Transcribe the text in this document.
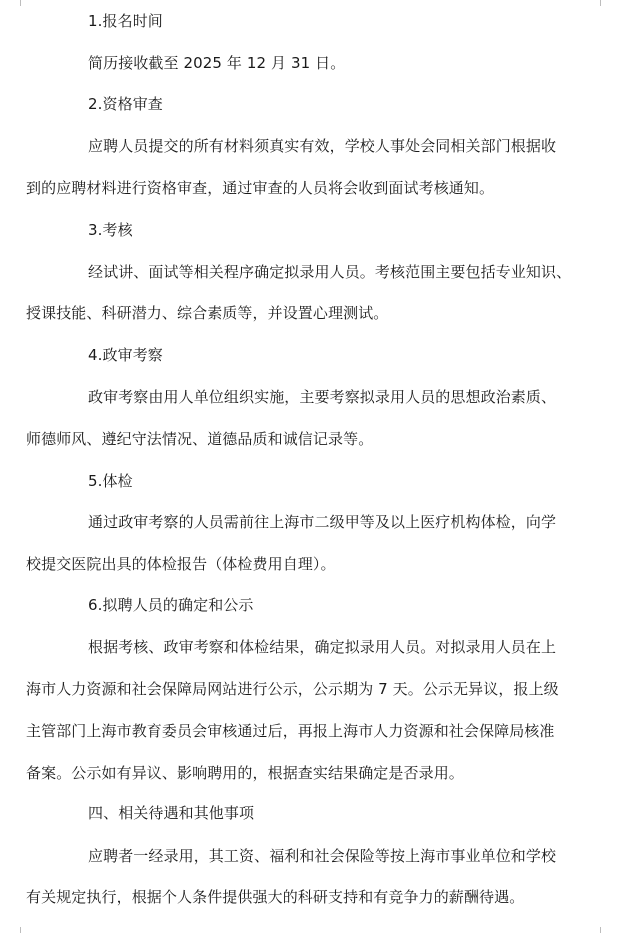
1.报名时间
简历接收截至 2025 年 12 月 31 日。
2.资格审查
应聘人员提交的所有材料须真实有效，学校人事处会同相关部门根据收
到的应聘材料进行资格审查，通过审查的人员将会收到面试考核通知。
3.考核
经试讲、面试等相关程序确定拟录用人员。考核范围主要包括专业知识、
授课技能、科研潜力、综合素质等，并设置心理测试。
4.政审考察
政审考察由用人单位组织实施，主要考察拟录用人员的思想政治素质、
师德师风、遵纪守法情况、道德品质和诚信记录等。
5.体检
通过政审考察的人员需前往上海市二级甲等及以上医疗机构体检，向学
校提交医院出具的体检报告（体检费用自理）。
6.拟聘人员的确定和公示
根据考核、政审考察和体检结果，确定拟录用人员。对拟录用人员在上
海市人力资源和社会保障局网站进行公示，公示期为 7 天。公示无异议，报上级
主管部门上海市教育委员会审核通过后，再报上海市人力资源和社会保障局核准
备案。公示如有异议、影响聘用的，根据查实结果确定是否录用。
四、相关待遇和其他事项
应聘者一经录用，其工资、福利和社会保险等按上海市事业单位和学校
有关规定执行，根据个人条件提供强大的科研支持和有竞争力的薪酬待遇。
